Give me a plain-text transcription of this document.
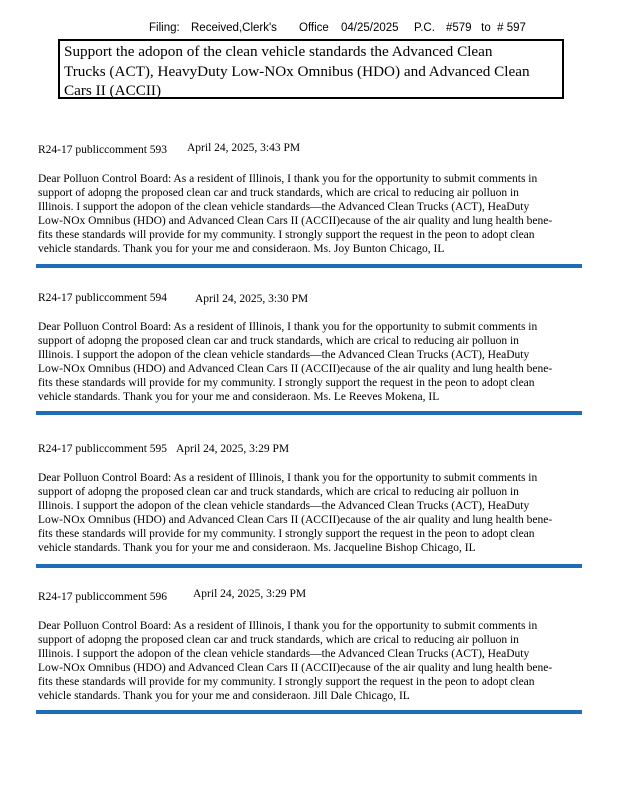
Filing:

Received,Clerk's

Office

04/25/2025

P.C.

#579   to  # 597

Support the adopon of the clean vehicle standards the Advanced Clean
Trucks (ACT), HeavyDuty Low-NOx Omnibus (HDO) and Advanced Clean
Cars II (ACCII)
R24-17 publiccomment 593 April 24, 2025, 3:43 PM
Dear Polluon Control Board: As a resident of Illinois, I thank you for the opportunity to submit comments in
support of adopng the proposed clean car and truck standards, which are crical to reducing air polluon in
Illinois. I support the adopon of the clean vehicle standards—the Advanced Clean Trucks (ACT), HeaDuty
Low-NOx Omnibus (HDO) and Advanced Clean Cars II (ACCII)ecause of the air quality and lung health bene-
fits these standards will provide for my community. I strongly support the request in the peon to adopt clean
vehicle standards. Thank you for your me and consideraon. Ms. Joy Bunton Chicago, IL
R24-17 publiccomment 594 April 24, 2025, 3:30 PM
Dear Polluon Control Board: As a resident of Illinois, I thank you for the opportunity to submit comments in
support of adopng the proposed clean car and truck standards, which are crical to reducing air polluon in
Illinois. I support the adopon of the clean vehicle standards—the Advanced Clean Trucks (ACT), HeaDuty
Low-NOx Omnibus (HDO) and Advanced Clean Cars II (ACCII)ecause of the air quality and lung health bene-
fits these standards will provide for my community. I strongly support the request in the peon to adopt clean
vehicle standards. Thank you for your me and consideraon. Ms. Le Reeves Mokena, IL
R24-17 publiccomment 595 April 24, 2025, 3:29 PM
Dear Polluon Control Board: As a resident of Illinois, I thank you for the opportunity to submit comments in
support of adopng the proposed clean car and truck standards, which are crical to reducing air polluon in
Illinois. I support the adopon of the clean vehicle standards—the Advanced Clean Trucks (ACT), HeaDuty
Low-NOx Omnibus (HDO) and Advanced Clean Cars II (ACCII)ecause of the air quality and lung health bene-
fits these standards will provide for my community. I strongly support the request in the peon to adopt clean
vehicle standards. Thank you for your me and consideraon. Ms. Jacqueline Bishop Chicago, IL
R24-17 publiccomment 596 April 24, 2025, 3:29 PM
Dear Polluon Control Board: As a resident of Illinois, I thank you for the opportunity to submit comments in
support of adopng the proposed clean car and truck standards, which are crical to reducing air polluon in
Illinois. I support the adopon of the clean vehicle standards—the Advanced Clean Trucks (ACT), HeaDuty
Low-NOx Omnibus (HDO) and Advanced Clean Cars II (ACCII)ecause of the air quality and lung health bene-
fits these standards will provide for my community. I strongly support the request in the peon to adopt clean
vehicle standards. Thank you for your me and consideraon. Jill Dale Chicago, IL
